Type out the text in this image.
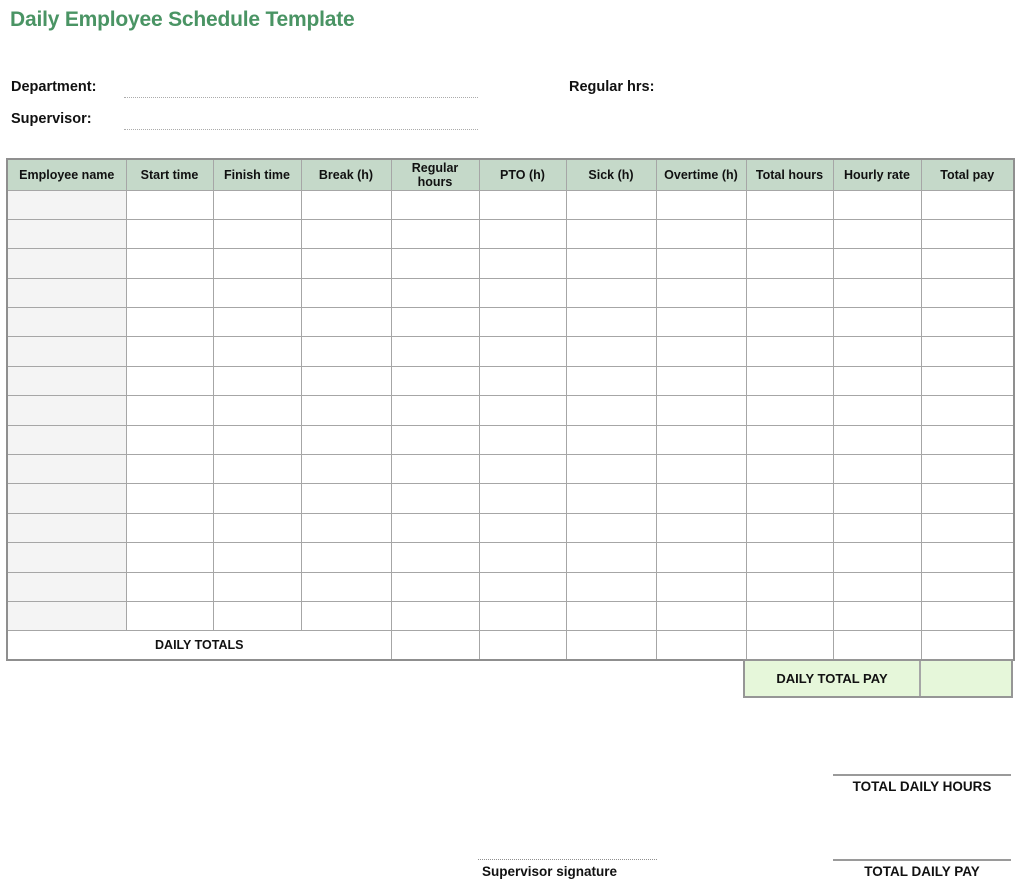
Daily Employee Schedule Template
Department:
Supervisor:
Regular hrs:
Employee name	Start time	Finish time	Break (h)	Regular hours	PTO (h)	Sick (h)	Overtime (h)	Total hours	Hourly rate	Total pay

DAILY TOTALS										
DAILY TOTAL PAY
TOTAL DAILY HOURS
Supervisor signature	TOTAL DAILY PAY
